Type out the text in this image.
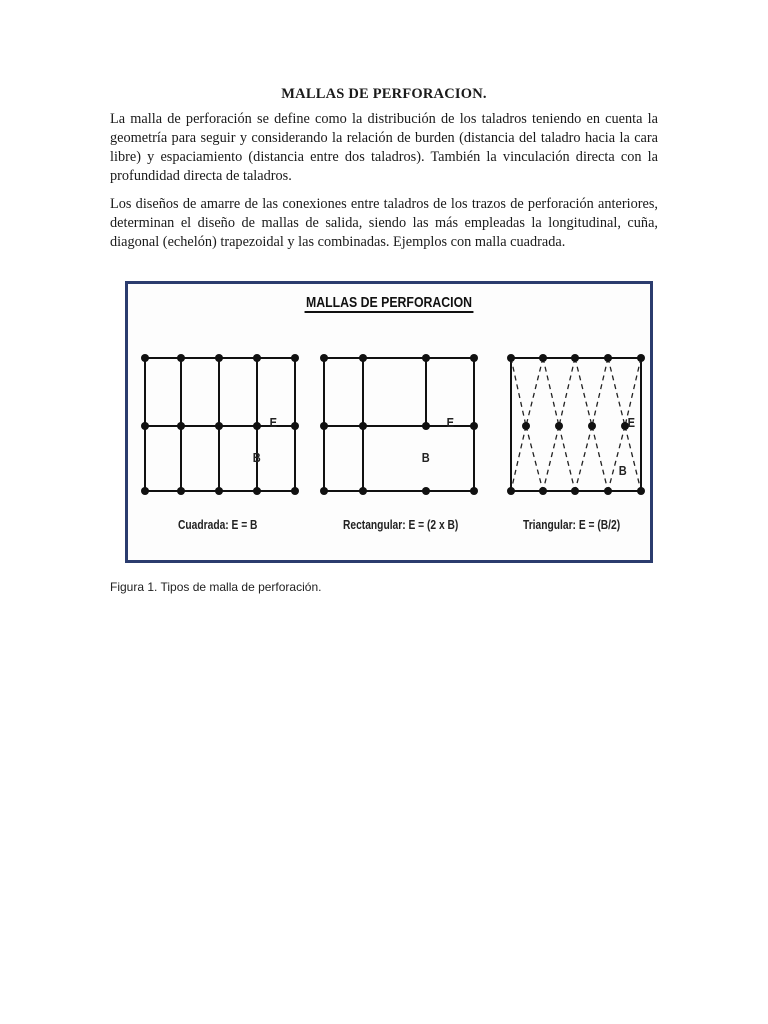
MALLAS DE PERFORACION.

La malla de perforación se define como la distribución de los taladros teniendo en cuenta la geometría para seguir y considerando la relación de burden (distancia del taladro hacia la cara libre) y espaciamiento (distancia entre dos taladros). También la vinculación directa con la profundidad directa de taladros.

Los diseños de amarre de las conexiones entre taladros de los trazos de perforación anteriores, determinan el diseño de mallas de salida, siendo las más empleadas la longitudinal, cuña, diagonal (echelón) trapezoidal y las combinadas. Ejemplos con malla cuadrada.

MALLAS DE PERFORACION
E
B
E
B
E
B
Cuadrada: E = B	Rectangular: E = (2 x B)	Triangular: E = (B/2)
Figura 1. Tipos de malla de perforación.
